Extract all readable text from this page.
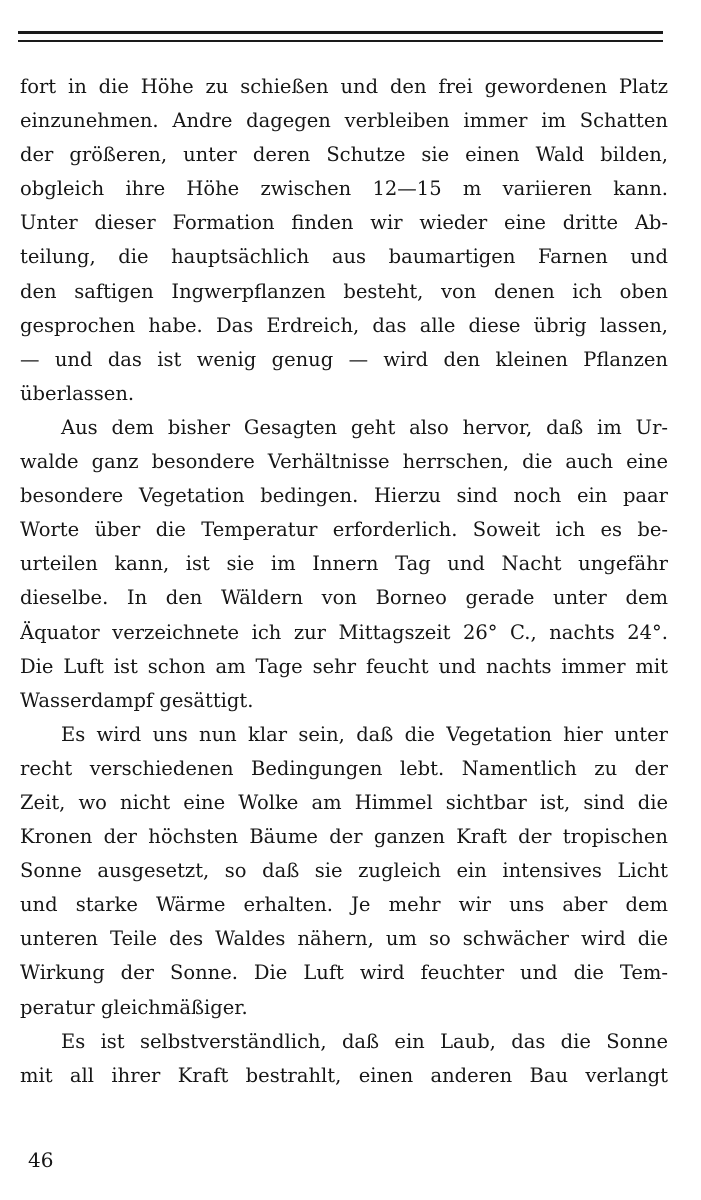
fort in die Höhe zu schießen und den frei gewordenen Platz
einzunehmen. Andre dagegen verbleiben immer im Schatten
der größeren, unter deren Schutze sie einen Wald bilden,
obgleich ihre Höhe zwischen 12—15 m variieren kann.
Unter dieser Formation finden wir wieder eine dritte Ab-
teilung, die hauptsächlich aus baumartigen Farnen und
den saftigen Ingwerpflanzen besteht, von denen ich oben
gesprochen habe. Das Erdreich, das alle diese übrig lassen,
— und das ist wenig genug — wird den kleinen Pflanzen
überlassen.
Aus dem bisher Gesagten geht also hervor, daß im Ur-
walde ganz besondere Verhältnisse herrschen, die auch eine
besondere Vegetation bedingen. Hierzu sind noch ein paar
Worte über die Temperatur erforderlich. Soweit ich es be-
urteilen kann, ist sie im Innern Tag und Nacht ungefähr
dieselbe. In den Wäldern von Borneo gerade unter dem
Äquator verzeichnete ich zur Mittagszeit 26° C., nachts 24°.
Die Luft ist schon am Tage sehr feucht und nachts immer mit
Wasserdampf gesättigt.
Es wird uns nun klar sein, daß die Vegetation hier unter
recht verschiedenen Bedingungen lebt. Namentlich zu der
Zeit, wo nicht eine Wolke am Himmel sichtbar ist, sind die
Kronen der höchsten Bäume der ganzen Kraft der tropischen
Sonne ausgesetzt, so daß sie zugleich ein intensives Licht
und starke Wärme erhalten. Je mehr wir uns aber dem
unteren Teile des Waldes nähern, um so schwächer wird die
Wirkung der Sonne. Die Luft wird feuchter und die Tem-
peratur gleichmäßiger.
Es ist selbstverständlich, daß ein Laub, das die Sonne
mit all ihrer Kraft bestrahlt, einen anderen Bau verlangt
46
